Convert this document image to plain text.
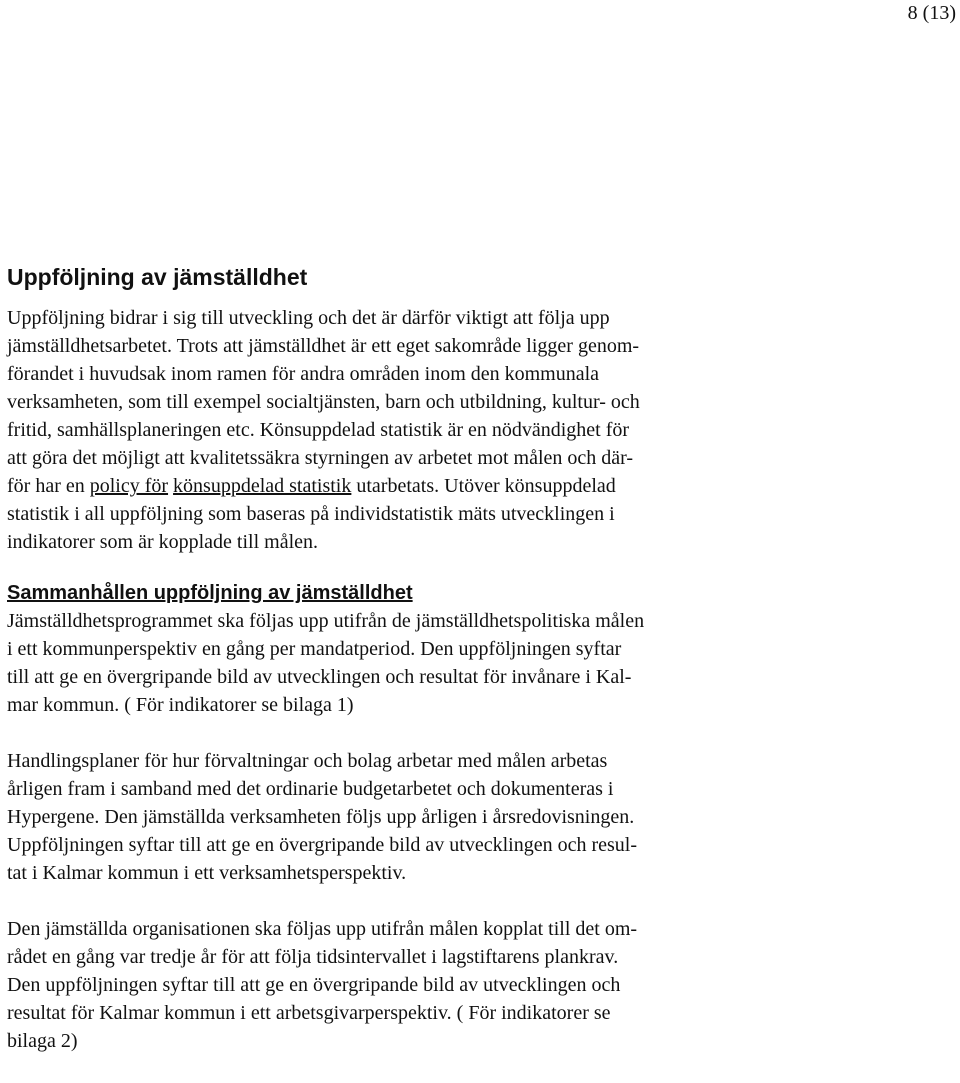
8 (13)
Uppföljning av jämställdhet

Uppföljning bidrar i sig till utveckling och det är därför viktigt att följa upp
jämställdhetsarbetet. Trots att jämställdhet är ett eget sakområde ligger genom-
förandet i huvudsak inom ramen för andra områden inom den kommunala
verksamheten, som till exempel socialtjänsten, barn och utbildning, kultur- och
fritid, samhällsplaneringen etc. Könsuppdelad statistik är en nödvändighet för
att göra det möjligt att kvalitetssäkra styrningen av arbetet mot målen och där-
för har en policy för könsuppdelad statistik utarbetats. Utöver könsuppdelad
statistik i all uppföljning som baseras på individstatistik mäts utvecklingen i
indikatorer som är kopplade till målen.

Sammanhållen uppföljning av jämställdhet

Jämställdhetsprogrammet ska följas upp utifrån de jämställdhetspolitiska målen
i ett kommunperspektiv en gång per mandatperiod. Den uppföljningen syftar
till att ge en övergripande bild av utvecklingen och resultat för invånare i Kal-
mar kommun. ( För indikatorer se bilaga 1)

Handlingsplaner för hur förvaltningar och bolag arbetar med målen arbetas
årligen fram i samband med det ordinarie budgetarbetet och dokumenteras i
Hypergene. Den jämställda verksamheten följs upp årligen i årsredovisningen.
Uppföljningen syftar till att ge en övergripande bild av utvecklingen och resul-
tat i Kalmar kommun i ett verksamhetsperspektiv.

Den jämställda organisationen ska följas upp utifrån målen kopplat till det om-
rådet en gång var tredje år för att följa tidsintervallet i lagstiftarens plankrav.
Den uppföljningen syftar till att ge en övergripande bild av utvecklingen och
resultat för Kalmar kommun i ett arbetsgivarperspektiv. ( För indikatorer se
bilaga 2)
